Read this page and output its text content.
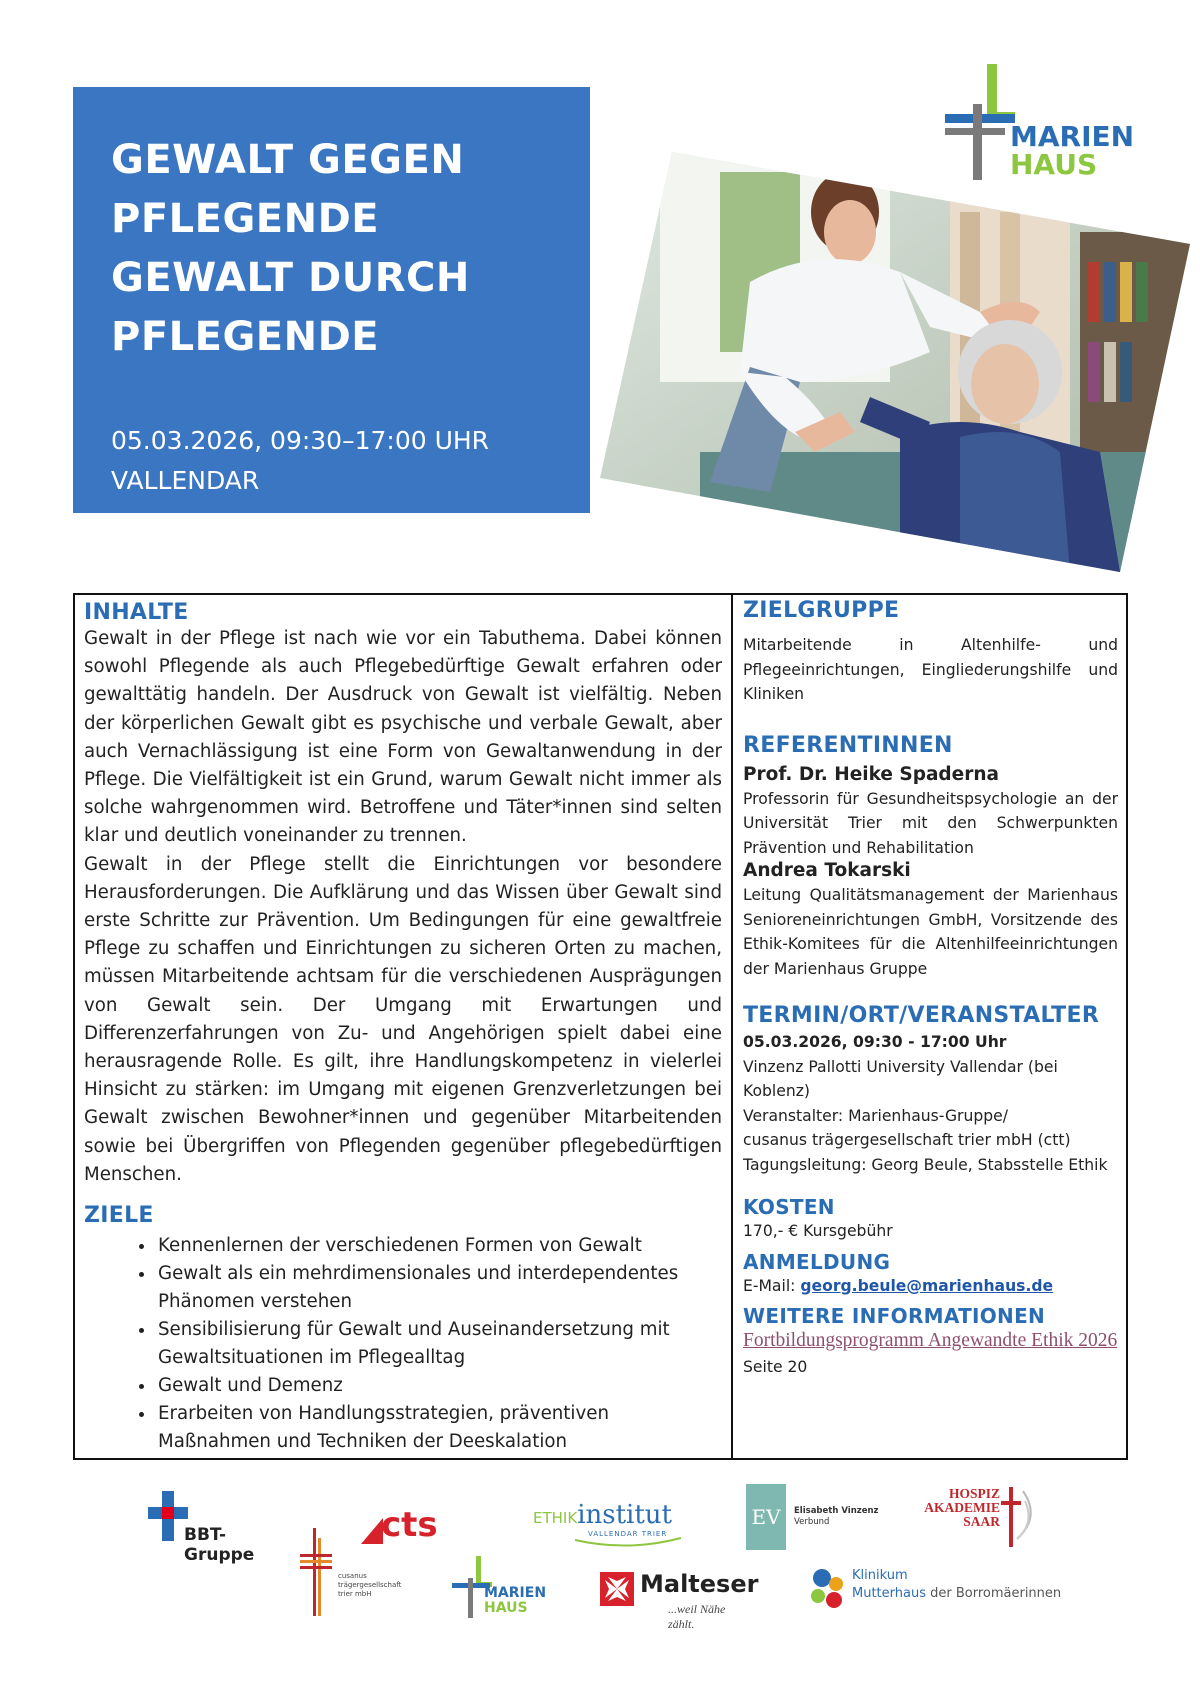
GEWALT GEGEN
PFLEGENDE
GEWALT DURCH
PFLEGENDE
05.03.2026, 09:30–17:00 UHR
VALLENDAR
MARIEN
HAUS
INHALTE
Gewalt in der Pflege ist nach wie vor ein Tabuthema. Dabei können sowohl Pflegende als auch Pflegebedürftige Gewalt erfahren oder gewalttätig handeln. Der Ausdruck von Gewalt ist vielfältig. Neben der körperlichen Gewalt gibt es psychische und verbale Gewalt, aber auch Vernachlässigung ist eine Form von Gewaltanwendung in der Pflege. Die Vielfältigkeit ist ein Grund, warum Gewalt nicht immer als solche wahrgenommen wird. Betroffene und Täter*innen sind selten klar und deutlich voneinander zu trennen.
Gewalt in der Pflege stellt die Einrichtungen vor besondere Herausforderungen. Die Aufklärung und das Wissen über Gewalt sind erste Schritte zur Prävention. Um Bedingungen für eine gewaltfreie Pflege zu schaffen und Einrichtungen zu sicheren Orten zu machen, müssen Mitarbeitende achtsam für die verschiedenen Ausprägungen von Gewalt sein. Der Umgang mit Erwartungen und Differenzerfahrungen von Zu- und Angehörigen spielt dabei eine herausragende Rolle. Es gilt, ihre Handlungskompetenz in vielerlei Hinsicht zu stärken: im Umgang mit eigenen Grenzverletzungen bei Gewalt zwischen Bewohner*innen und gegenüber Mitarbeitenden sowie bei Übergriffen von Pflegenden gegenüber pflegebedürftigen Menschen.
ZIELE
• Kennenlernen der verschiedenen Formen von Gewalt
• Gewalt als ein mehrdimensionales und interdependentes Phänomen verstehen
• Sensibilisierung für Gewalt und Auseinandersetzung mit Gewaltsituationen im Pflegealltag
• Gewalt und Demenz
• Erarbeiten von Handlungsstrategien, präventiven Maßnahmen und Techniken der Deeskalation
ZIELGRUPPE
Mitarbeitende in Altenhilfe- und Pflegeeinrichtungen, Eingliederungshilfe und Kliniken
REFERENTINNEN
Prof. Dr. Heike Spaderna
Professorin für Gesundheitspsychologie an der Universität Trier mit den Schwerpunkten Prävention und Rehabilitation
Andrea Tokarski
Leitung Qualitätsmanagement der Marienhaus Senioreneinrichtungen GmbH, Vorsitzende des Ethik-Komitees für die Altenhilfeeinrichtungen der Marienhaus Gruppe
TERMIN/ORT/VERANSTALTER
05.03.2026, 09:30 - 17:00 Uhr
Vinzenz Pallotti University Vallendar (bei Koblenz)
Veranstalter: Marienhaus-Gruppe/
cusanus trägergesellschaft trier mbH (ctt)
Tagungsleitung: Georg Beule, Stabsstelle Ethik
KOSTEN
170,- € Kursgebühr
ANMELDUNG
E-Mail: georg.beule@marienhaus.de
WEITERE INFORMATIONEN
Fortbildungsprogramm Angewandte Ethik 2026 Seite 20
BBT-Gruppe
cts	ETHIKinstitut
VALLENDAR TRIER
EV	Elisabeth Vinzenz
Verbund
HOSPIZ
AKADEMIE
SAAR
cusanus
trägergesellschaft
trier mbH	MARIEN
HAUS
Malteser
...weil Nähe zählt.
Klinikum
Mutterhaus der Borromäerinnen
